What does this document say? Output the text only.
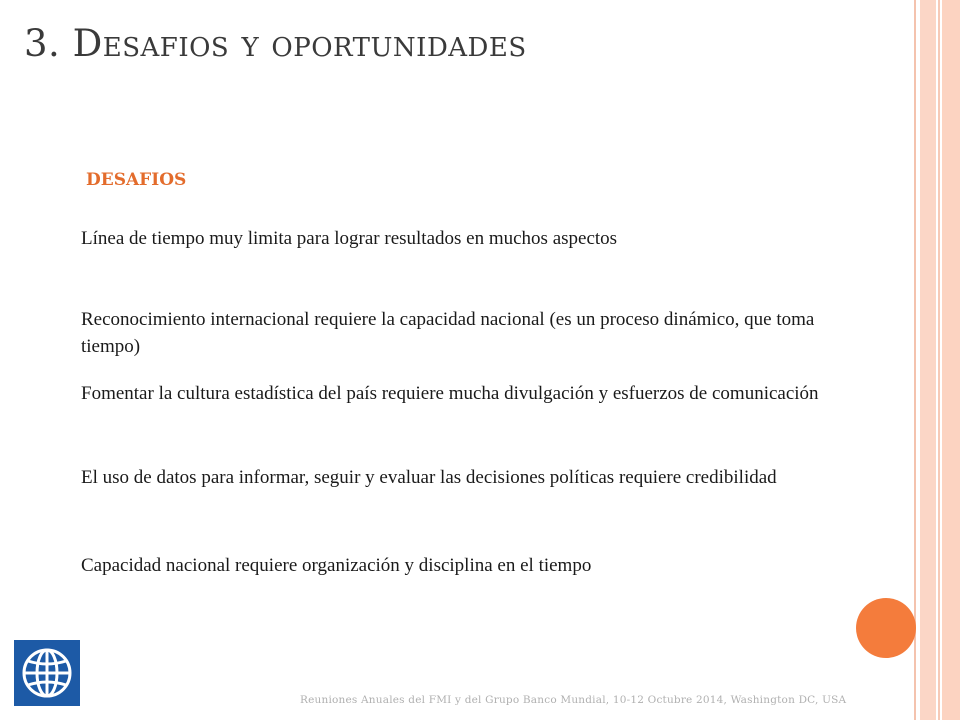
3. Desafios y oportunidades
DESAFIOS
Línea de tiempo muy limita para lograr resultados en muchos aspectos
Reconocimiento internacional requiere la capacidad nacional (es un proceso dinámico, que toma tiempo)
Fomentar la cultura estadística del país requiere mucha divulgación y esfuerzos de comunicación
El uso de datos para informar, seguir y evaluar las decisiones políticas requiere credibilidad
Capacidad nacional requiere organización y disciplina en el tiempo
Reuniones Anuales del FMI y del Grupo Banco Mundial, 10-12 Octubre 2014, Washington DC, USA
